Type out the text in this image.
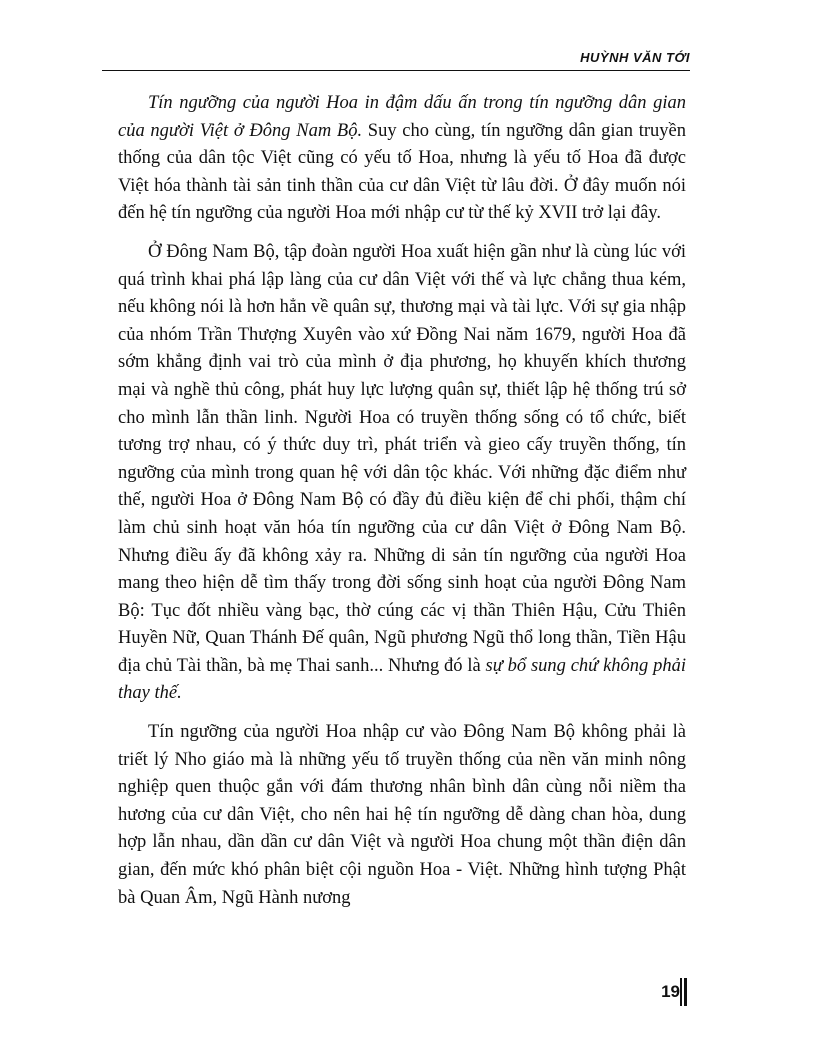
HUỲNH VĂN TỚI

Tín ngưỡng của người Hoa in đậm dấu ấn trong tín ngưỡng dân gian của người Việt ở Đông Nam Bộ. Suy cho cùng, tín ngưỡng dân gian truyền thống của dân tộc Việt cũng có yếu tố Hoa, nhưng là yếu tố Hoa đã được Việt hóa thành tài sản tinh thần của cư dân Việt từ lâu đời. Ở đây muốn nói đến hệ tín ngưỡng của người Hoa mới nhập cư từ thế kỷ XVII trở lại đây.

Ở Đông Nam Bộ, tập đoàn người Hoa xuất hiện gần như là cùng lúc với quá trình khai phá lập làng của cư dân Việt với thế và lực chẳng thua kém, nếu không nói là hơn hẳn về quân sự, thương mại và tài lực. Với sự gia nhập của nhóm Trần Thượng Xuyên vào xứ Đồng Nai năm 1679, người Hoa đã sớm khẳng định vai trò của mình ở địa phương, họ khuyến khích thương mại và nghề thủ công, phát huy lực lượng quân sự, thiết lập hệ thống trú sở cho mình lẫn thần linh. Người Hoa có truyền thống sống có tổ chức, biết tương trợ nhau, có ý thức duy trì, phát triển và gieo cấy truyền thống, tín ngưỡng của mình trong quan hệ với dân tộc khác. Với những đặc điểm như thế, người Hoa ở Đông Nam Bộ có đầy đủ điều kiện để chi phối, thậm chí làm chủ sinh hoạt văn hóa tín ngưỡng của cư dân Việt ở Đông Nam Bộ. Nhưng điều ấy đã không xảy ra. Những di sản tín ngưỡng của người Hoa mang theo hiện dễ tìm thấy trong đời sống sinh hoạt của người Đông Nam Bộ: Tục đốt nhiều vàng bạc, thờ cúng các vị thần Thiên Hậu, Cửu Thiên Huyền Nữ, Quan Thánh Đế quân, Ngũ phương Ngũ thổ long thần, Tiền Hậu địa chủ Tài thần, bà mẹ Thai sanh... Nhưng đó là sự bổ sung chứ không phải thay thế.

Tín ngưỡng của người Hoa nhập cư vào Đông Nam Bộ không phải là triết lý Nho giáo mà là những yếu tố truyền thống của nền văn minh nông nghiệp quen thuộc gắn với đám thương nhân bình dân cùng nỗi niềm tha hương của cư dân Việt, cho nên hai hệ tín ngưỡng dễ dàng chan hòa, dung hợp lẫn nhau, dần dần cư dân Việt và người Hoa chung một thần điện dân gian, đến mức khó phân biệt cội nguồn Hoa - Việt. Những hình tượng Phật bà Quan Âm, Ngũ Hành nương

19
